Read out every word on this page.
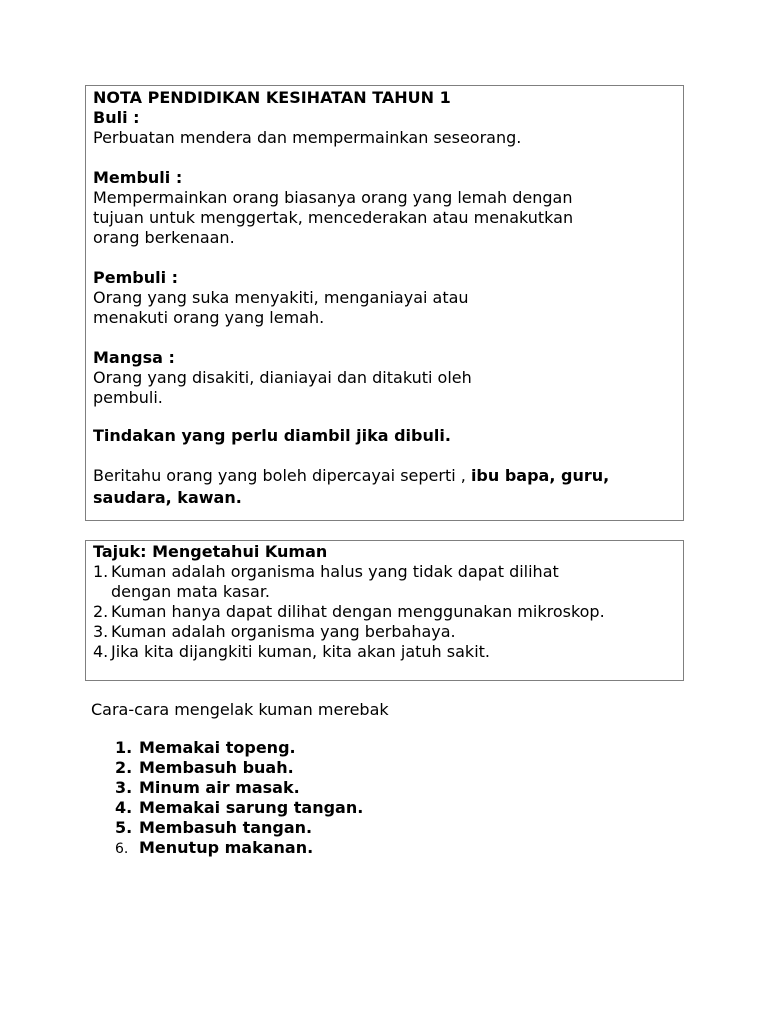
NOTA PENDIDIKAN KESIHATAN TAHUN 1
Buli :
Perbuatan mendera dan mempermainkan seseorang.
Membuli :
Mempermainkan orang biasanya orang yang lemah dengan
tujuan untuk menggertak, mencederakan atau menakutkan
orang berkenaan.
Pembuli :
Orang yang suka menyakiti, menganiayai atau
menakuti orang yang lemah.
Mangsa :
Orang yang disakiti, dianiayai dan ditakuti oleh
pembuli.
Tindakan yang perlu diambil jika dibuli.
Beritahu orang yang boleh dipercayai seperti , ibu bapa, guru,
saudara, kawan.
Tajuk: Mengetahui Kuman
1. Kuman adalah organisma halus yang tidak dapat dilihat
dengan mata kasar.
2. Kuman hanya dapat dilihat dengan menggunakan mikroskop.
3. Kuman adalah organisma yang berbahaya.
4. Jika kita dijangkiti kuman, kita akan jatuh sakit.
Cara-cara mengelak kuman merebak
1. Memakai topeng.
2. Membasuh buah.
3. Minum air masak.
4. Memakai sarung tangan.
5. Membasuh tangan.
6. Menutup makanan.
